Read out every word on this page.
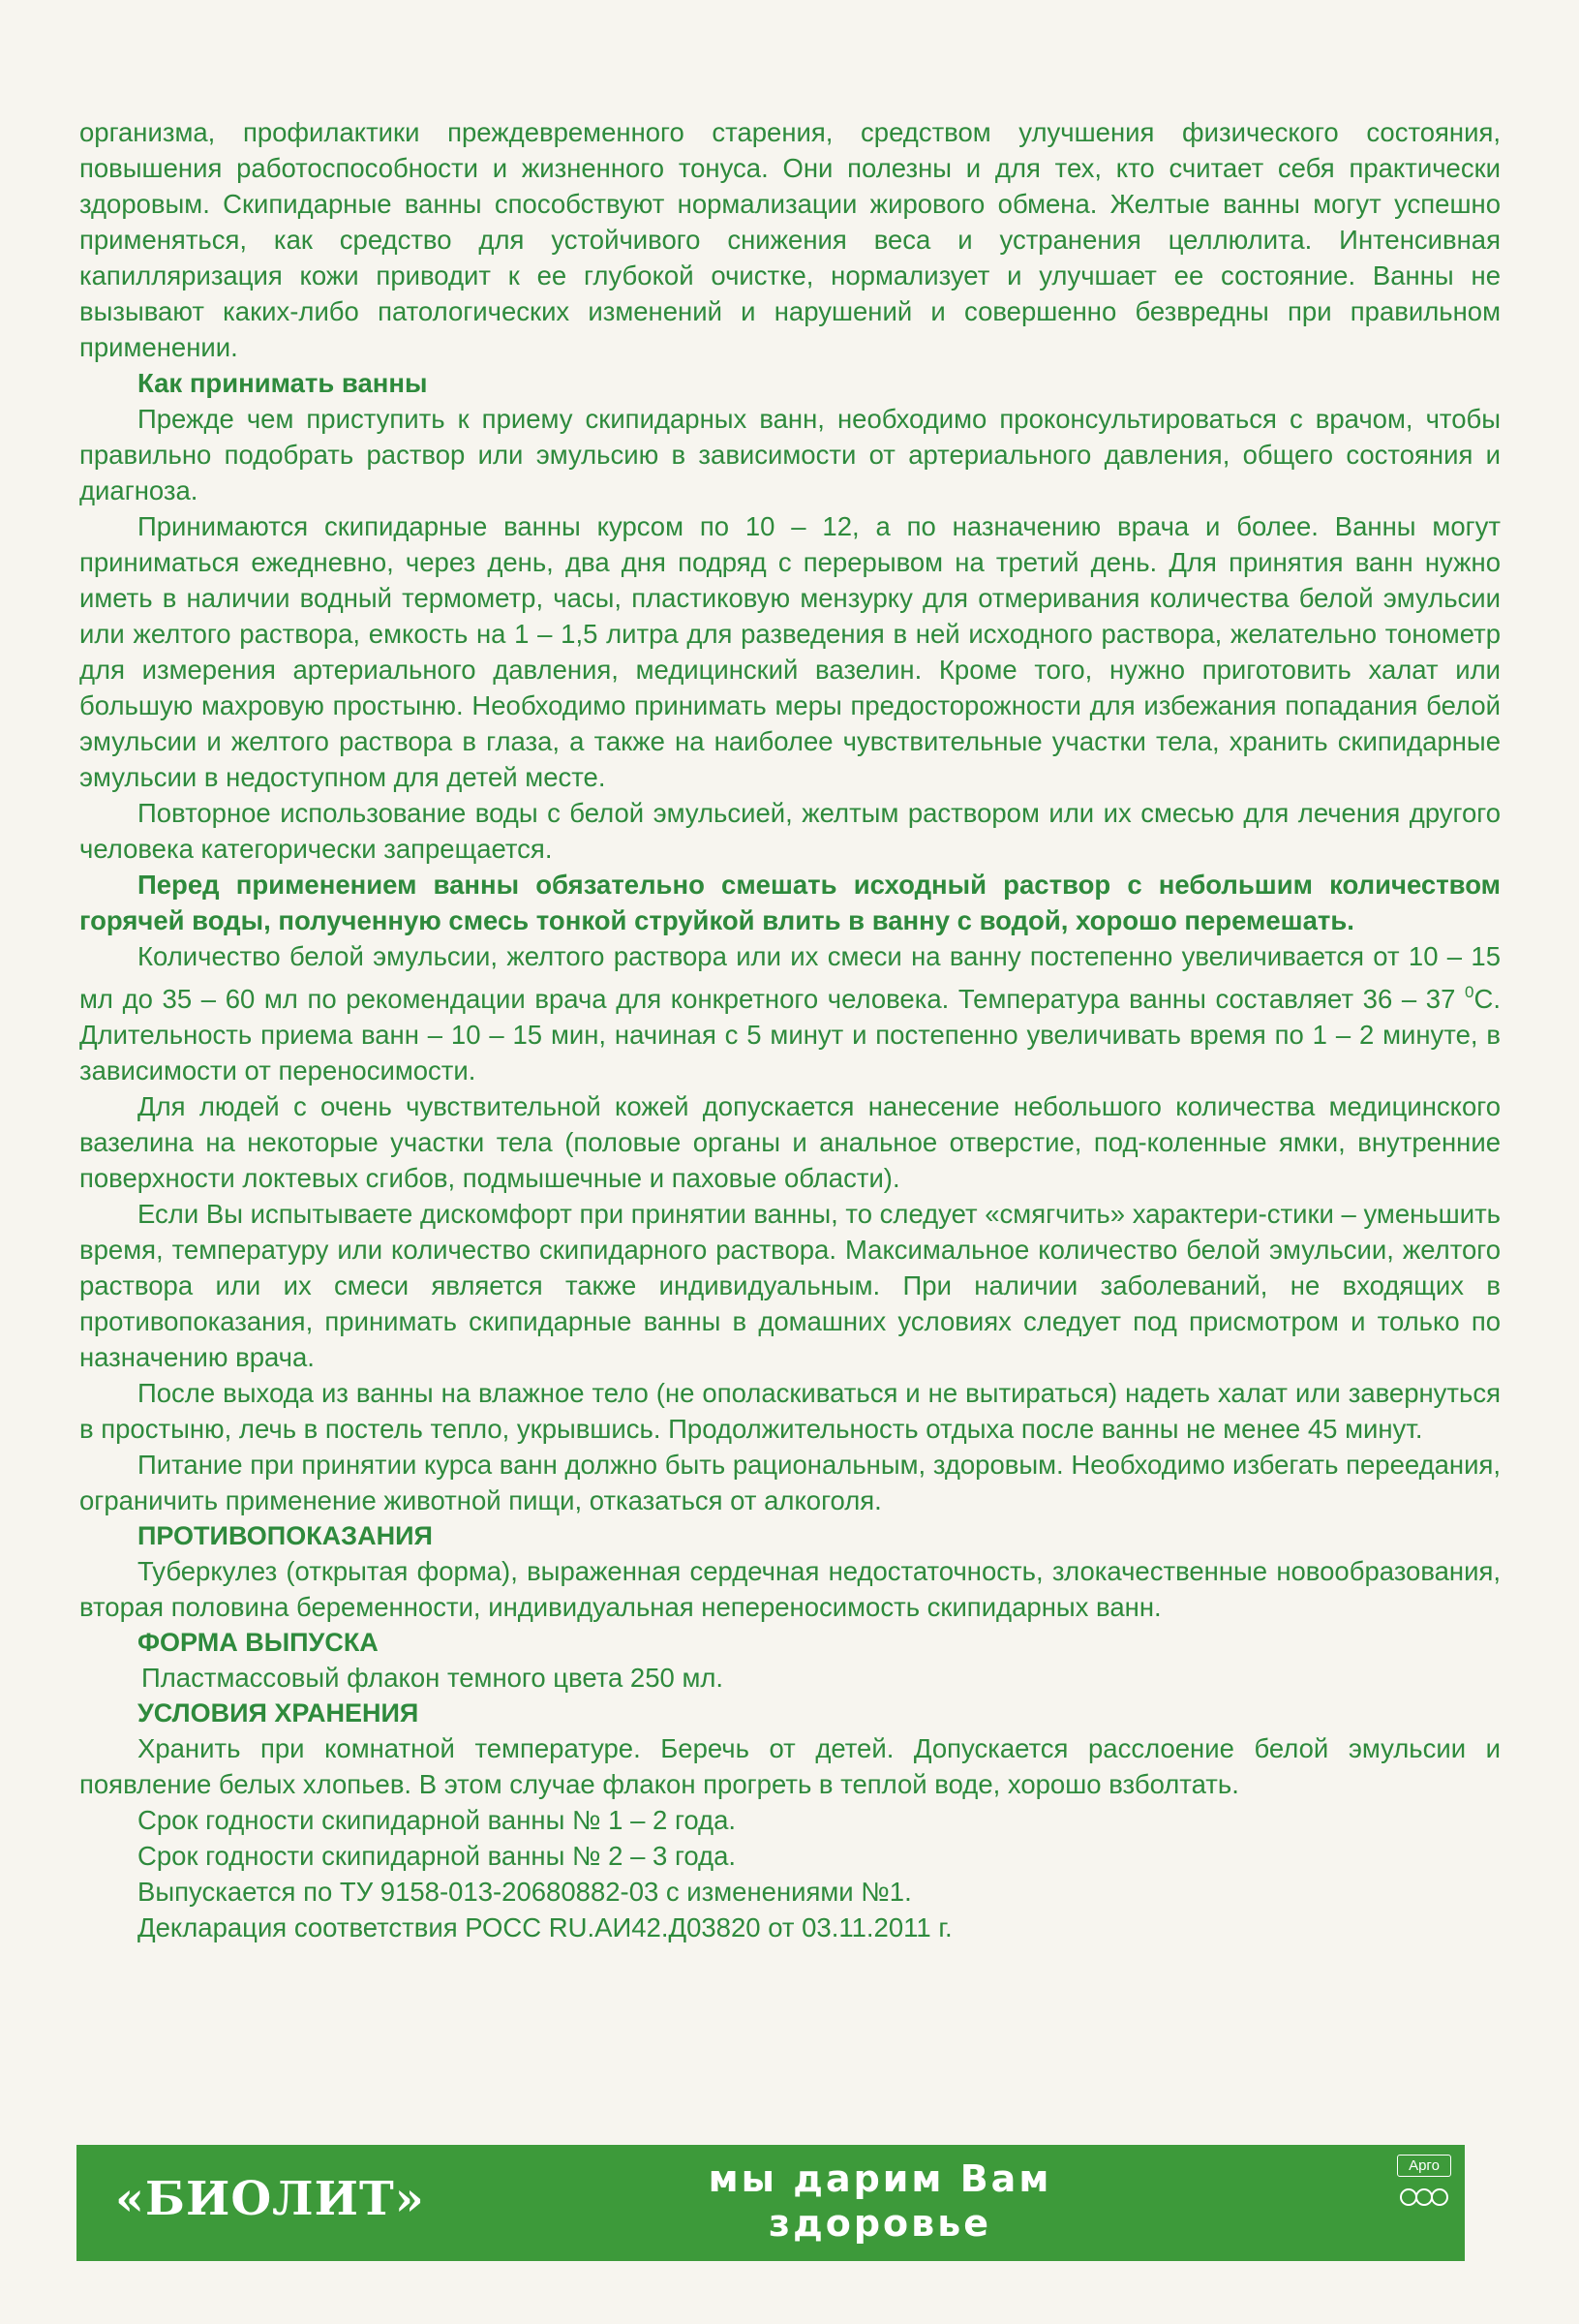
организма, профилактики преждевременного старения, средством улучшения физического состояния, повышения работоспособности и жизненного тонуса. Они полезны и для тех, кто считает себя практически здоровым. Скипидарные ванны способствуют нормализации жирового обмена. Желтые ванны могут успешно применяться, как средство для устойчивого снижения веса и устранения целлюлита. Интенсивная капилляризация кожи приводит к ее глубокой очистке, нормализует и улучшает ее состояние. Ванны не вызывают каких-либо патологических изменений и нарушений и совершенно безвредны при правильном применении.

Как принимать ванны

Прежде чем приступить к приему скипидарных ванн, необходимо проконсультироваться с врачом, чтобы правильно подобрать раствор или эмульсию в зависимости от артериального давления, общего состояния и диагноза.

Принимаются скипидарные ванны курсом по 10 – 12, а по назначению врача и более. Ванны могут приниматься ежедневно, через день, два дня подряд с перерывом на третий день. Для принятия ванн нужно иметь в наличии водный термометр, часы, пластиковую мензурку для отмеривания количества белой эмульсии или желтого раствора, емкость на 1 – 1,5 литра для разведения в ней исходного раствора, желательно тонометр для измерения артериального давления, медицинский вазелин. Кроме того, нужно приготовить халат или большую махровую простыню. Необходимо принимать меры предосторожности для избежания попадания белой эмульсии и желтого раствора в глаза, а также на наиболее чувствительные участки тела, хранить скипидарные эмульсии в недоступном для детей месте.

Повторное использование воды с белой эмульсией, желтым раствором или их смесью для лечения другого человека категорически запрещается.

Перед применением ванны обязательно смешать исходный раствор с небольшим количеством горячей воды, полученную смесь тонкой струйкой влить в ванну с водой, хорошо перемешать.

Количество белой эмульсии, желтого раствора или их смеси на ванну постепенно увеличивается от 10 – 15 мл до 35 – 60 мл по рекомендации врача для конкретного человека. Температура ванны составляет 36 – 37 $^0$С. Длительность приема ванн – 10 – 15 мин, начиная с 5 минут и постепенно увеличивать время по 1 – 2 минуте, в зависимости от переносимости.

Для людей с очень чувствительной кожей допускается нанесение небольшого количества медицинского вазелина на некоторые участки тела (половые органы и анальное отверстие, под-коленные ямки, внутренние поверхности локтевых сгибов, подмышечные и паховые области).

Если Вы испытываете дискомфорт при принятии ванны, то следует «смягчить» характери-стики – уменьшить время, температуру или количество скипидарного раствора. Максимальное количество белой эмульсии, желтого раствора или их смеси является также индивидуальным. При наличии заболеваний, не входящих в противопоказания, принимать скипидарные ванны в домашних условиях следует под присмотром и только по назначению врача.

После выхода из ванны на влажное тело (не ополаскиваться и не вытираться) надеть халат или завернуться в простыню, лечь в постель тепло, укрывшись. Продолжительность отдыха после ванны не менее 45 минут.

Питание при принятии курса ванн должно быть рациональным, здоровым. Необходимо избегать переедания, ограничить применение животной пищи, отказаться от алкоголя.

ПРОТИВОПОКАЗАНИЯ

Туберкулез (открытая форма), выраженная сердечная недостаточность, злокачественные новообразования, вторая половина беременности, индивидуальная непереносимость скипидарных ванн.

ФОРМА ВЫПУСКА

Пластмассовый флакон темного цвета 250 мл.

УСЛОВИЯ ХРАНЕНИЯ

Хранить при комнатной температуре. Беречь от детей. Допускается расслоение белой эмульсии и появление белых хлопьев. В этом случае флакон прогреть в теплой воде, хорошо взболтать.

Срок годности скипидарной ванны № 1 – 2 года.

Срок годности скипидарной ванны № 2 – 3 года.

Выпускается по ТУ 9158-013-20680882-03 с изменениями №1.

Декларация соответствия РОСС RU.АИ42.Д03820 от 03.11.2011 г.

«БИОЛИТ»	мы дарим Вам
здоровье
Арго
